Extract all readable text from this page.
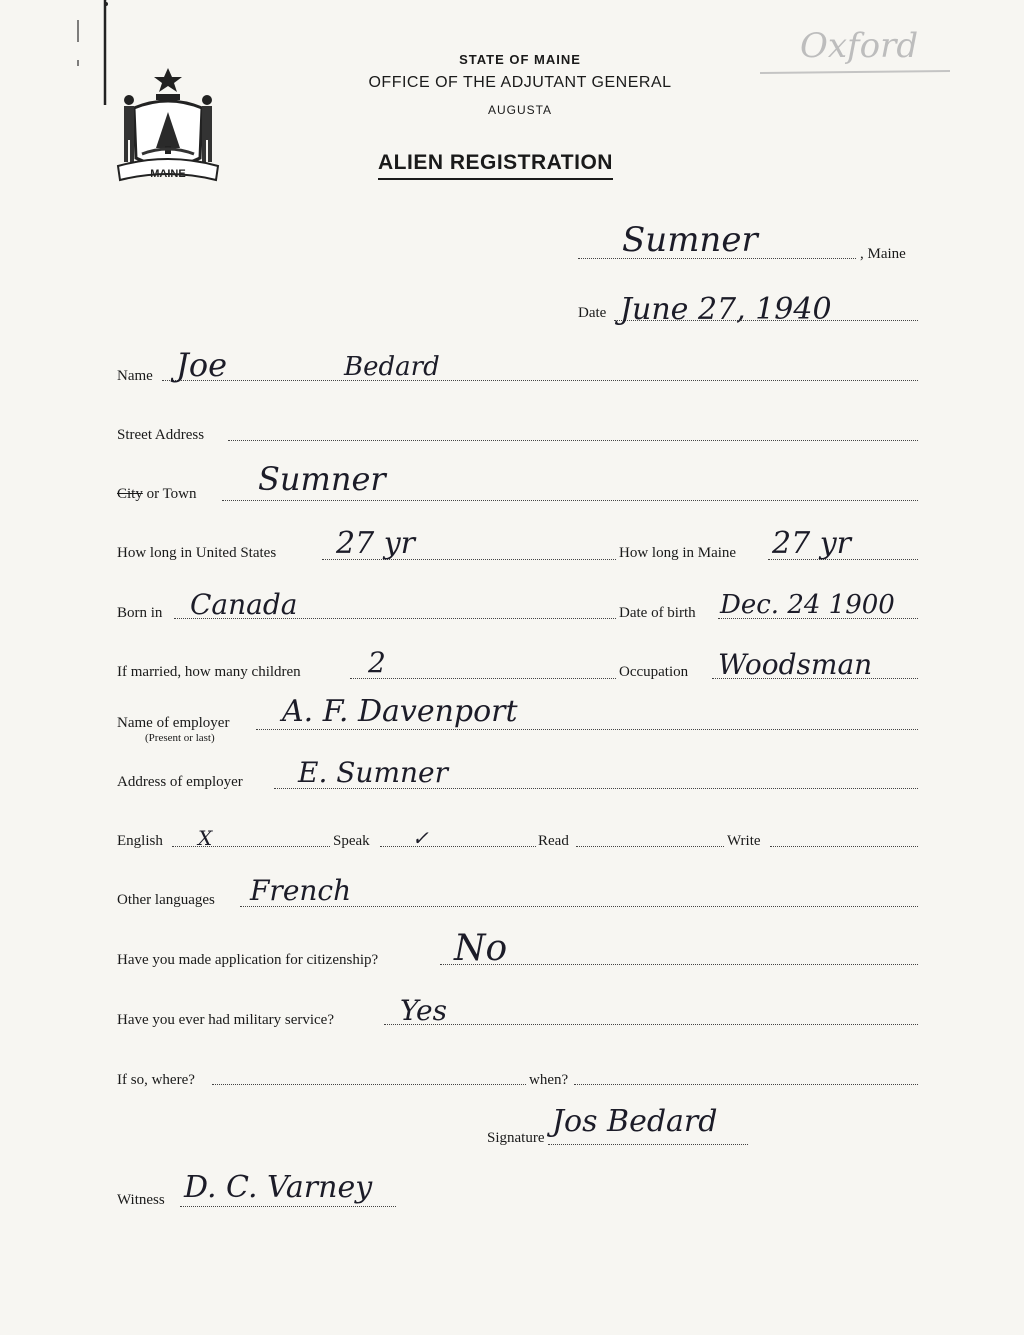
MAINE
Oxford
STATE OF MAINE
OFFICE OF THE ADJUTANT GENERAL
AUGUSTA
ALIEN REGISTRATION
Sumner	, Maine
Date June 27, 1940
Name Joe	Bedard
Street Address
City or Town Sumner
How long in United States 27 yr	How long in Maine 27 yr
Born in Canada	Date of birth Dec. 24 1900
If married, how many children 2	Occupation Woodsman
Name of employer
(Present or last)
A. F. Davenport
Address of employer E. Sumner
English X	Speak ✓	Read	Write
Other languages French
Have you made application for citizenship? No
Have you ever had military service? Yes
If so, where?	when?
Signature Jos Bedard
Witness D. C. Varney
